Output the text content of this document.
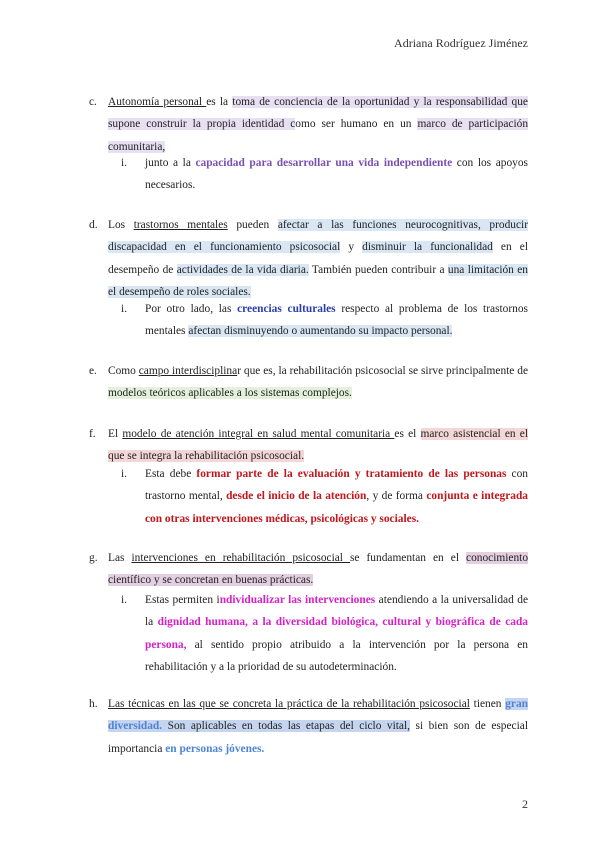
Adriana Rodríguez Jiménez
c. Autonomía personal es la toma de conciencia de la oportunidad y la responsabilidad que supone construir la propia identidad como ser humano en un marco de participación comunitaria,
i. junto a la capacidad para desarrollar una vida independiente con los apoyos necesarios.
d. Los trastornos mentales pueden afectar a las funciones neurocognitivas, producir discapacidad en el funcionamiento psicosocial y disminuir la funcionalidad en el desempeño de actividades de la vida diaria. También pueden contribuir a una limitación en el desempeño de roles sociales.
i. Por otro lado, las creencias culturales respecto al problema de los trastornos mentales afectan disminuyendo o aumentando su impacto personal.
e. Como campo interdisciplinar que es, la rehabilitación psicosocial se sirve principalmente de modelos teóricos aplicables a los sistemas complejos.
f. El modelo de atención integral en salud mental comunitaria es el marco asistencial en el que se integra la rehabilitación psicosocial.
i. Esta debe formar parte de la evaluación y tratamiento de las personas con trastorno mental, desde el inicio de la atención, y de forma conjunta e integrada con otras intervenciones médicas, psicológicas y sociales.
g. Las intervenciones en rehabilitación psicosocial se fundamentan en el conocimiento científico y se concretan en buenas prácticas.
i. Estas permiten individualizar las intervenciones atendiendo a la universalidad de la dignidad humana, a la diversidad biológica, cultural y biográfica de cada persona, al sentido propio atribuido a la intervención por la persona en rehabilitación y a la prioridad de su autodeterminación.
h. Las técnicas en las que se concreta la práctica de la rehabilitación psicosocial tienen gran diversidad. Son aplicables en todas las etapas del ciclo vital, si bien son de especial importancia en personas jóvenes.
2
